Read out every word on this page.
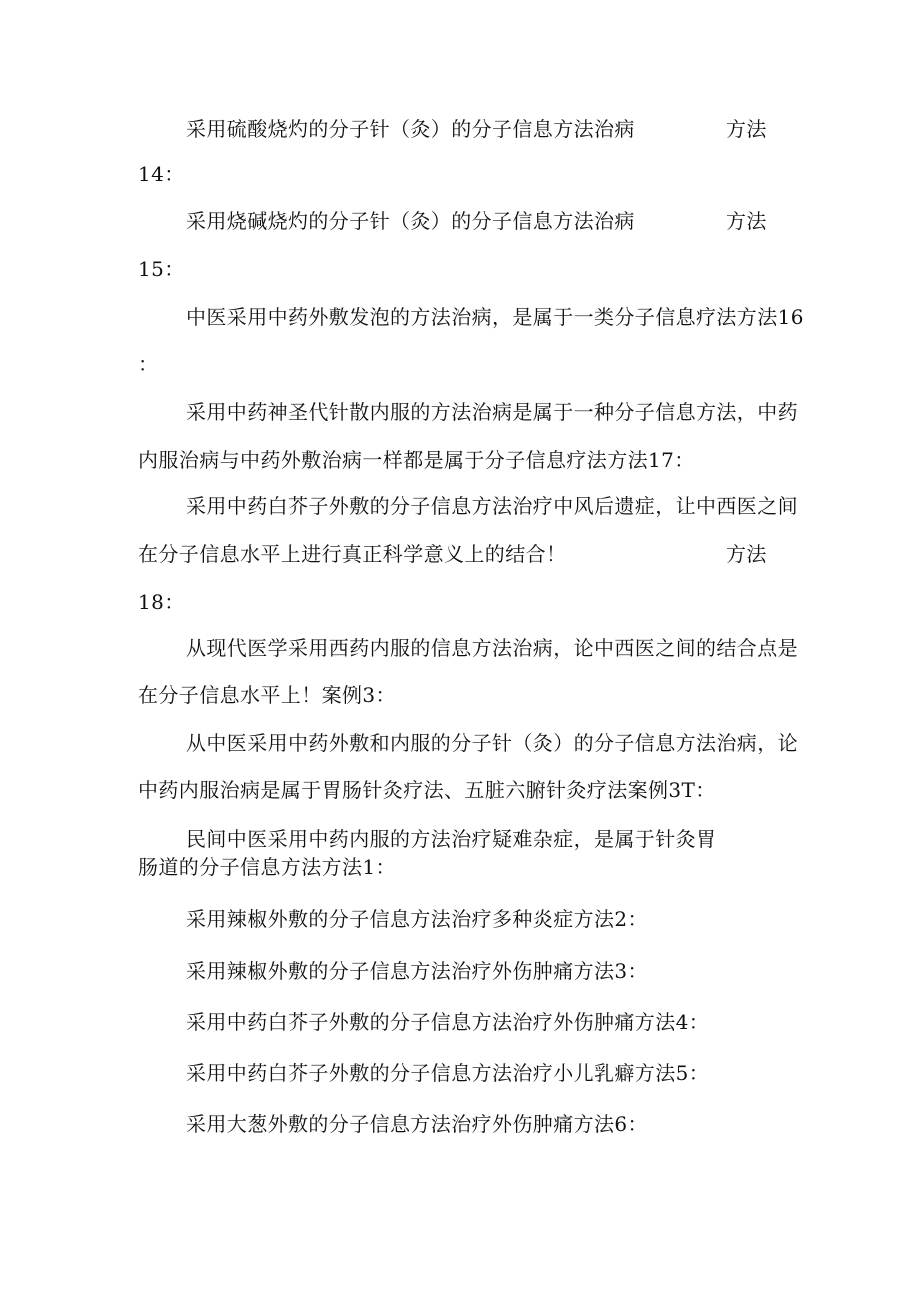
采用硫酸烧灼的分子针（灸）的分子信息方法治病	方法
14：
采用烧碱烧灼的分子针（灸）的分子信息方法治病	方法
15：
中医采用中药外敷发泡的方法治病，是属于一类分子信息疗法方法16
：
采用中药神圣代针散内服的方法治病是属于一种分子信息方法，中药
内服治病与中药外敷治病一样都是属于分子信息疗法方法17：
采用中药白芥子外敷的分子信息方法治疗中风后遗症，让中西医之间
在分子信息水平上进行真正科学意义上的结合！	方法
18：
从现代医学采用西药内服的信息方法治病，论中西医之间的结合点是
在分子信息水平上！案例3：
从中医采用中药外敷和内服的分子针（灸）的分子信息方法治病，论
中药内服治病是属于胃肠针灸疗法、五脏六腑针灸疗法案例3T：
民间中医采用中药内服的方法治疗疑难杂症，是属于针灸胃
肠道的分子信息方法方法1：
采用辣椒外敷的分子信息方法治疗多种炎症方法2：
采用辣椒外敷的分子信息方法治疗外伤肿痛方法3：
采用中药白芥子外敷的分子信息方法治疗外伤肿痛方法4：
采用中药白芥子外敷的分子信息方法治疗小儿乳癖方法5：
采用大葱外敷的分子信息方法治疗外伤肿痛方法6：
